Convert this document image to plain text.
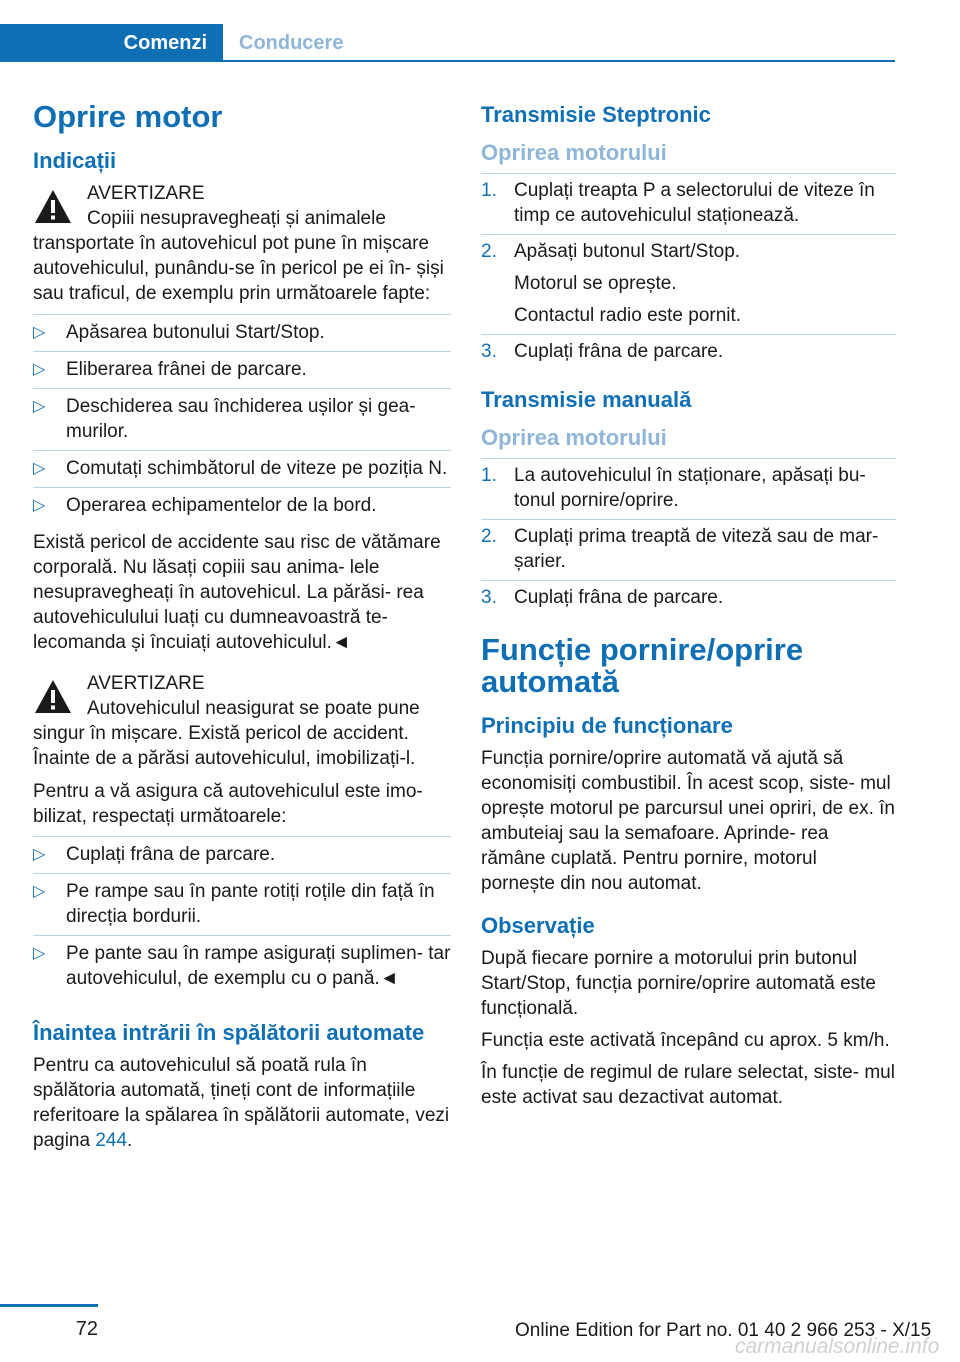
Comenzi	Conducere
Oprire motor
Indicații
AVERTIZARE
Copiii nesupravegheați și animalele transportate în autovehicul pot pune în mișcare autovehiculul, punându-se în pericol pe ei în- șiși sau traficul, de exemplu prin următoarele fapte:
▷ Apăsarea butonului Start/Stop.
▷ Eliberarea frânei de parcare.
▷ Deschiderea sau închiderea ușilor și gea- murilor.
▷ Comutați schimbătorul de viteze pe poziția N.
▷ Operarea echipamentelor de la bord.

Există pericol de accidente sau risc de vătămare corporală. Nu lăsați copiii sau anima- lele nesupravegheați în autovehicul. La părăsi- rea autovehiculului luați cu dumneavoastră te- lecomanda și încuiați autovehiculul.◄

AVERTIZARE
Autovehiculul neasigurat se poate pune singur în mișcare. Există pericol de accident. Înainte de a părăsi autovehiculul, imobilizați-l.

Pentru a vă asigura că autovehiculul este imo- bilizat, respectați următoarele:

▷ Cuplați frâna de parcare.
▷ Pe rampe sau în pante rotiți roțile din față în direcția bordurii.
▷ Pe pante sau în rampe asigurați suplimen- tar autovehiculul, de exemplu cu o pană.◄
Înaintea intrării în spălătorii automate

Pentru ca autovehiculul să poată rula în spălătoria automată, țineți cont de informațiile referitoare la spălarea în spălătorii automate, vezi pagina 244.

Transmisie Steptronic
Oprirea motorului
1. Cuplați treapta P a selectorului de viteze în timp ce autovehiculul staționează.
2. Apăsați butonul Start/Stop.
Motorul se oprește.
Contactul radio este pornit.
3. Cuplați frâna de parcare.
Transmisie manuală
Oprirea motorului
1. La autovehiculul în staționare, apăsați bu- tonul pornire/oprire.
2. Cuplați prima treaptă de viteză sau de mar- șarier.
3. Cuplați frâna de parcare.
Funcție pornire/oprire automată
Principiu de funcționare

Funcția pornire/oprire automată vă ajută să economisiți combustibil. În acest scop, siste- mul oprește motorul pe parcursul unei opriri, de ex. în ambuteiaj sau la semafoare. Aprinde- rea rămâne cuplată. Pentru pornire, motorul pornește din nou automat.

Observație

După fiecare pornire a motorului prin butonul Start/Stop, funcția pornire/oprire automată este funcțională.

Funcția este activată începând cu aprox. 5 km/h.

În funcție de regimul de rulare selectat, siste- mul este activat sau dezactivat automat.

72	Online Edition for Part no. 01 40 2 966 253 - X/15
carmanualsonline.info
